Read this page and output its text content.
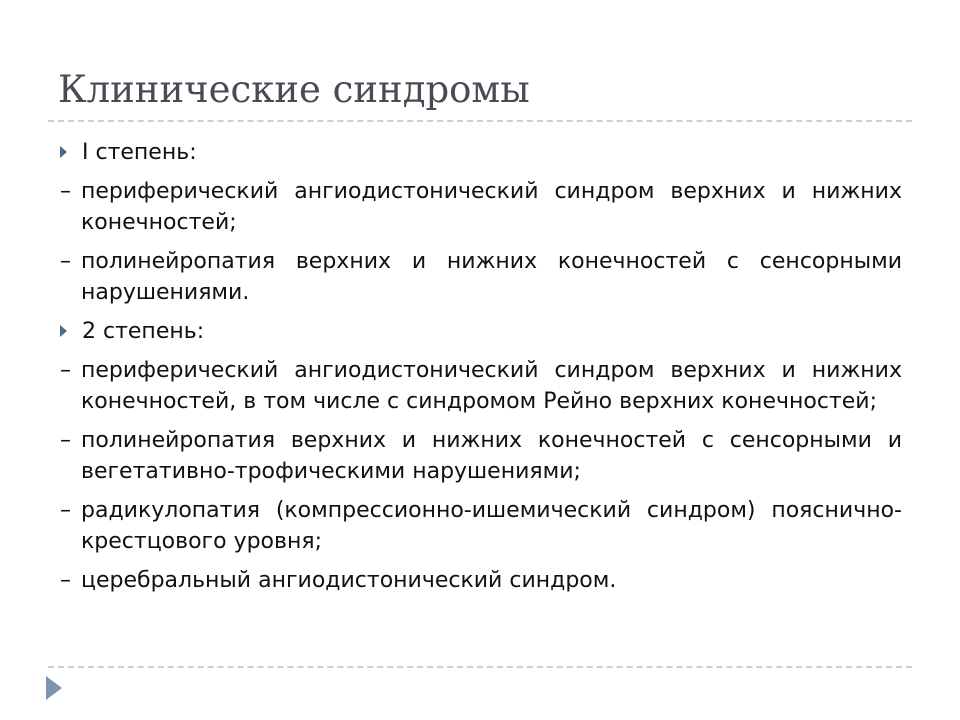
Клинические синдромы
I степень:
– периферический ангиодистонический синдром верхних и нижних конечностей;
– полинейропатия верхних и нижних конечностей с сенсорными нарушениями.
2 степень:
– периферический ангиодистонический синдром верхних и нижних конечностей, в том числе с синдромом Рейно верхних конечностей;
– полинейропатия верхних и нижних конечностей с сенсорными и вегетативно-трофическими нарушениями;
– радикулопатия (компрессионно-ишемический синдром) поясничнокрестцового уровня;
– церебральный ангиодистонический синдром.
